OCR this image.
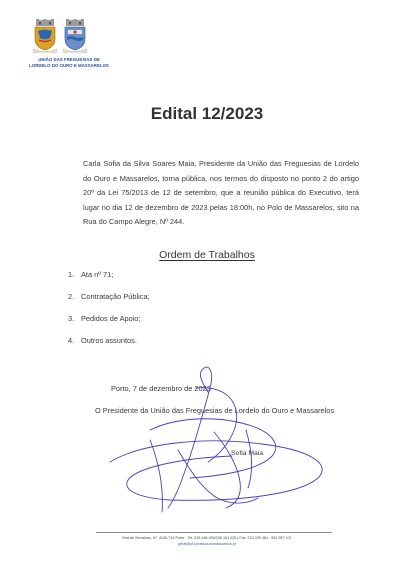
UNIÃO DAS FREGUESIAS DE
LORDELO DO OURO E MASSARELOS
Edital 12/2023
Carla Sofia da Silva Soares Maia, Presidente da União das Freguesias de Lordelo do Ouro e Massarelos, torna pública, nos termos do disposto no ponto 2 do artigo 20º da Lei 75/2013 de 12 de setembro, que a reunião pública do Executivo, terá lugar no dia 12 de dezembro de 2023 pelas 18:00h, no Polo de Massarelos, sito na Rua do Campo Alegre, Nº 244.
Ordem de Trabalhos
1. Ata nº 71;
2. Contratação Pública;
3. Pedidos de Apoio;
4. Outros assuntos.
Porto, 7 de dezembro de 2023
O Presidente da União das Freguesias de Lordelo do Ouro e Massarelos
Sofia Maia
Rua de Serralves, 67, 4150-710 Porto · Tel. 226 166 900/226 161 020 | Fax: 214 339 461 · 961 557 471
geral@uf-lordeloouromassarelos.pt
